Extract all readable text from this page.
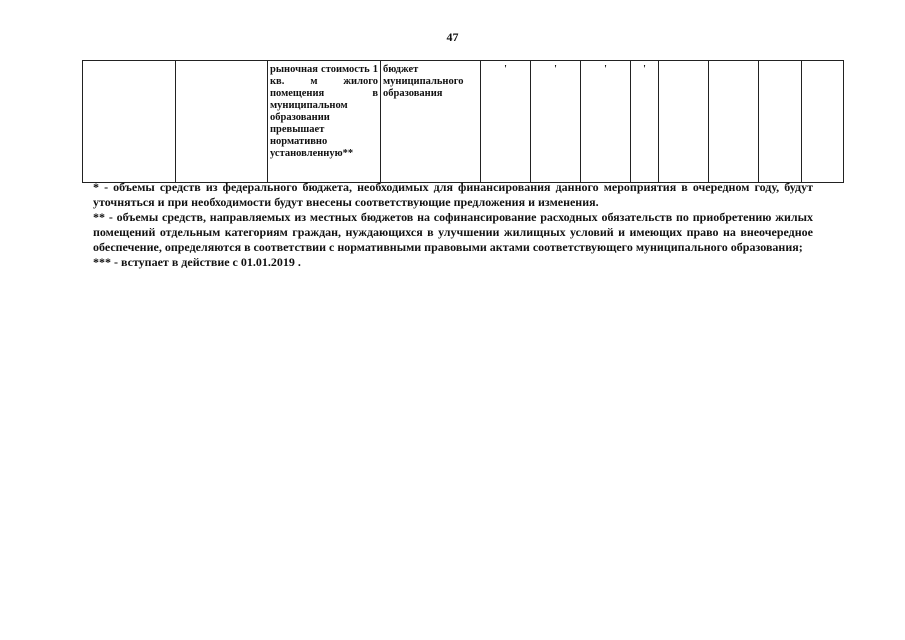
47
		рыночная стоимость 1 кв. м жилого помещения в муниципальном образовании превышает нормативно установленную**	бюджет муниципального образования	'	'	'	'				

* - объемы средств из федерального бюджета, необходимых для финансирования данного мероприятия в очередном году, будут уточняться и при необходимости будут внесены соответствующие предложения и изменения.

** - объемы средств, направляемых из местных бюджетов на софинансирование расходных обязательств по приобретению жилых помещений отдельным категориям граждан, нуждающихся в улучшении жилищных условий и имеющих право на внеочередное обеспечение, определяются в соответствии с нормативными правовыми актами соответствующего муниципального образования;

*** - вступает в действие с 01.01.2019 .
